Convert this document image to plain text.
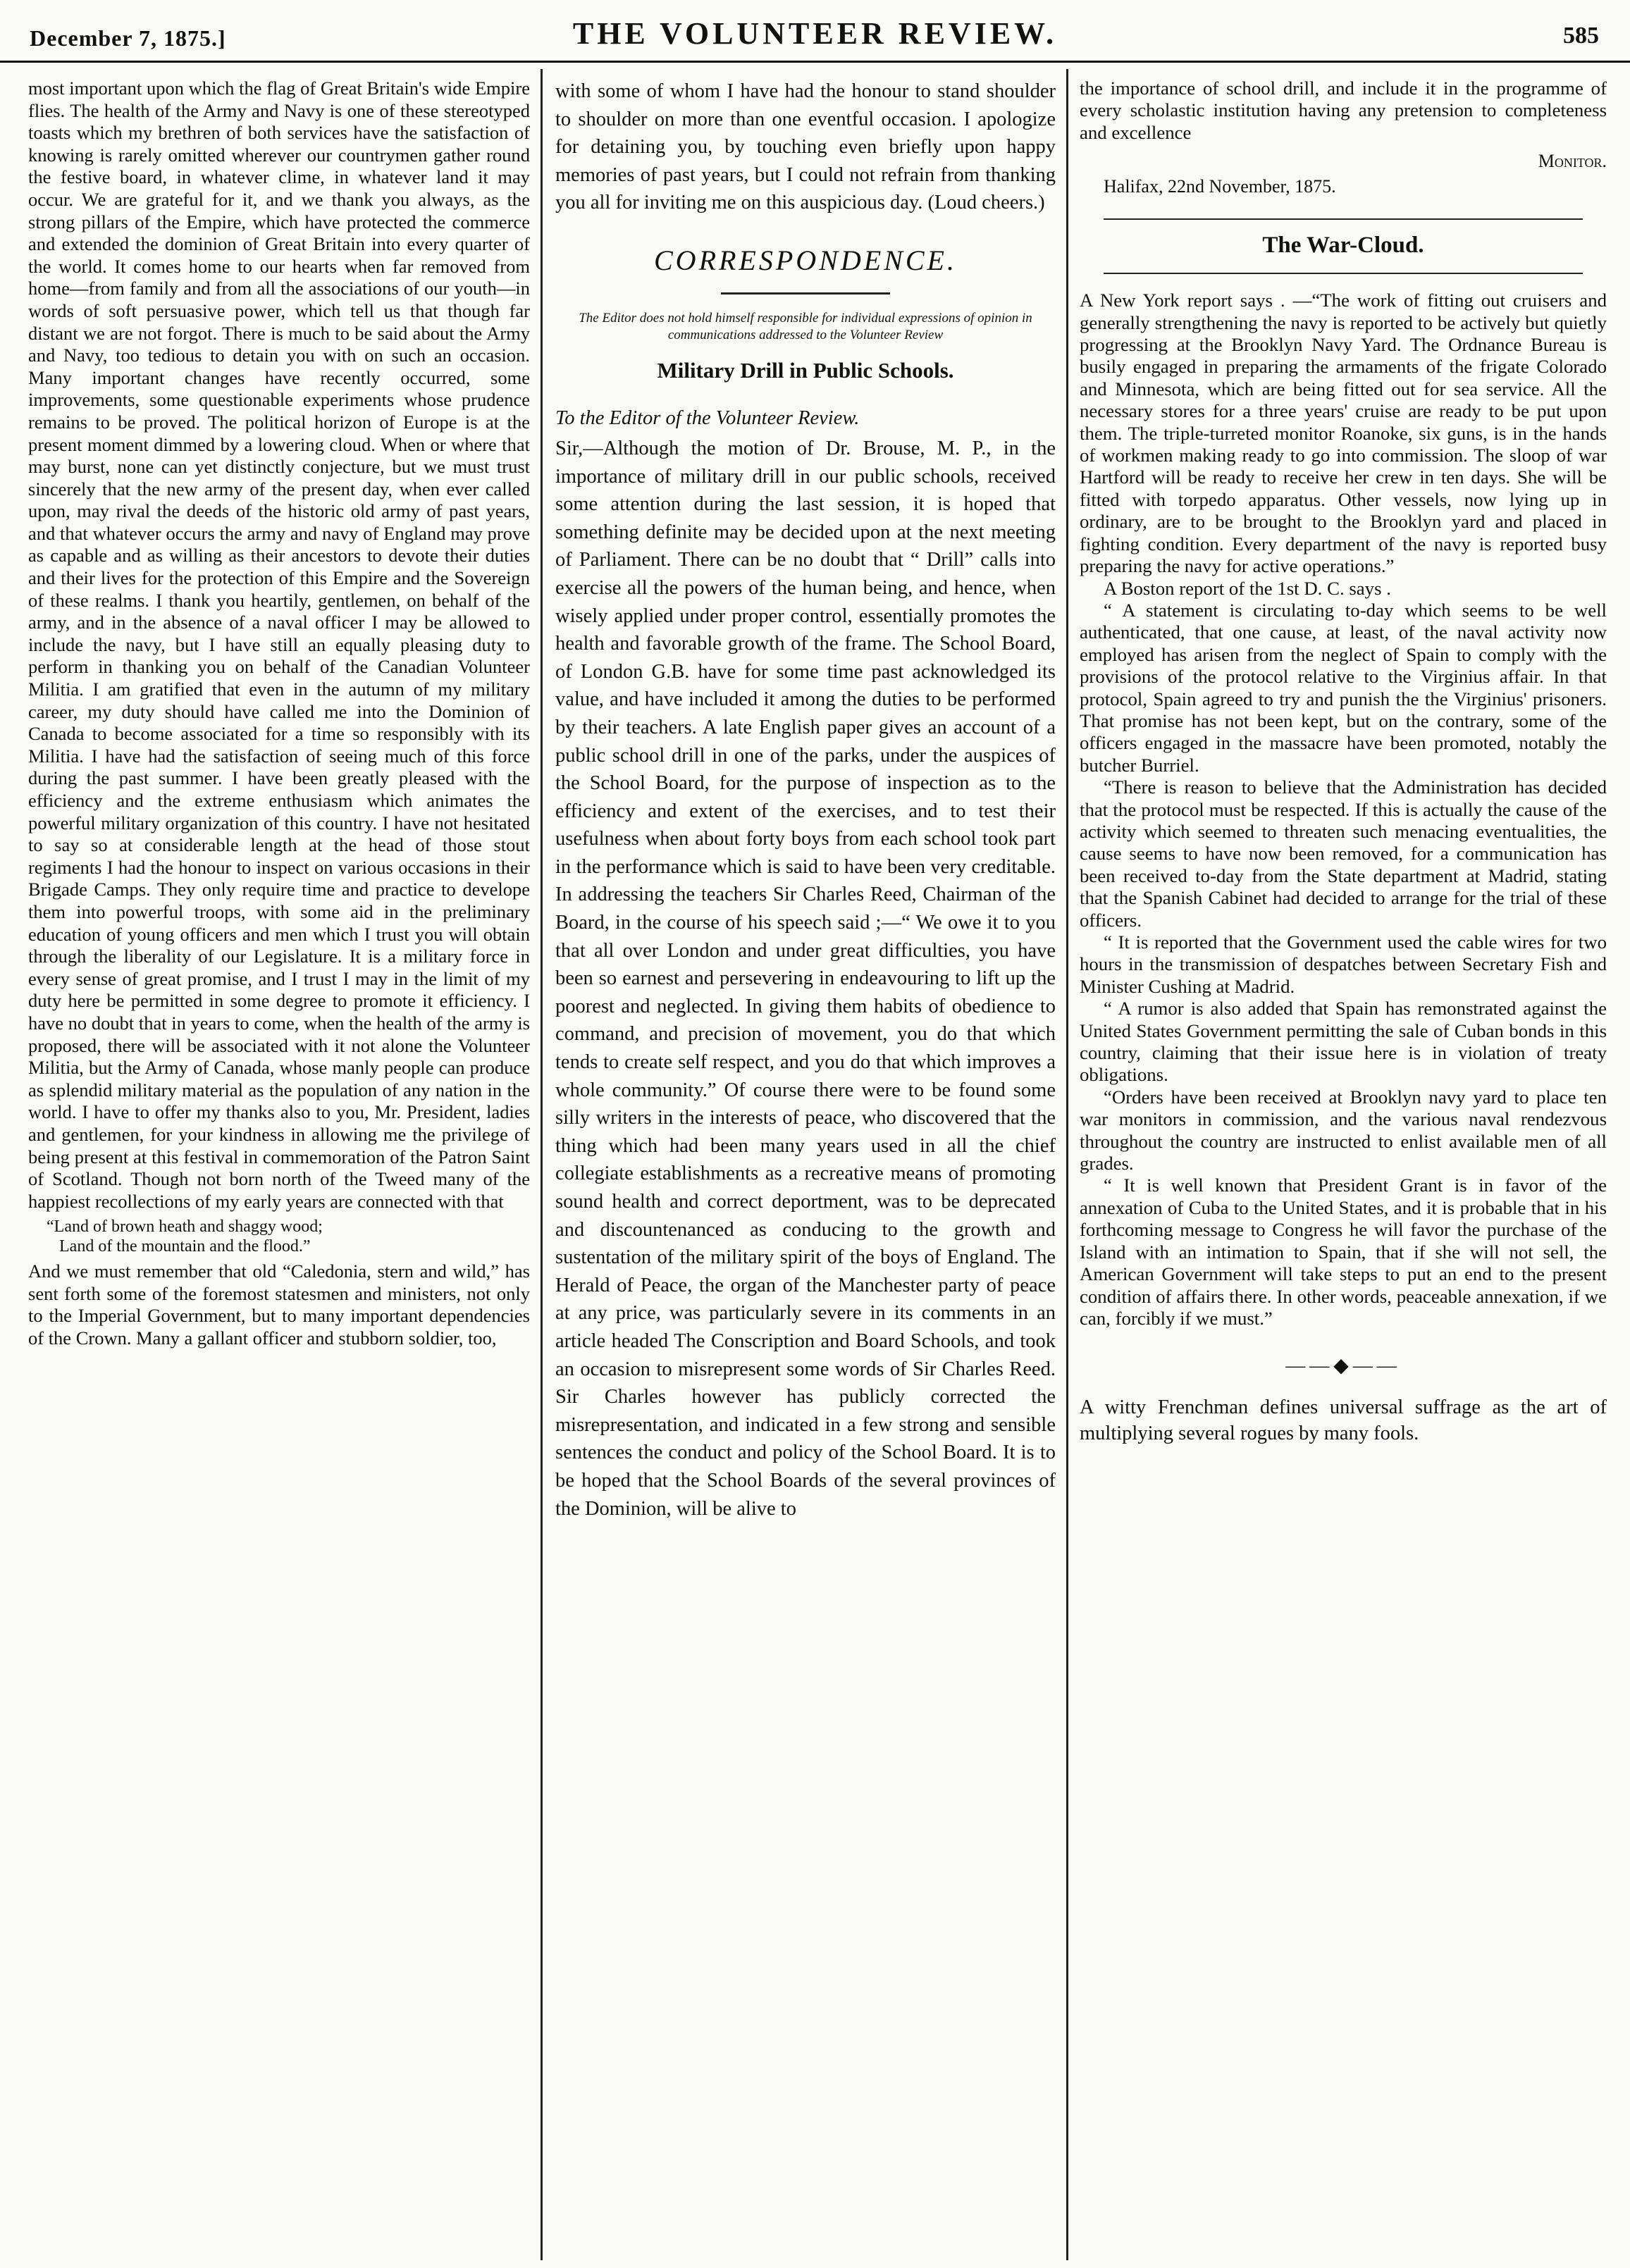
December 7, 1875.]	THE VOLUNTEER REVIEW.	585

most important upon which the flag of Great Britain's wide Empire flies. The health of the Army and Navy is one of these stereotyped toasts which my brethren of both services have the satisfaction of knowing is rarely omitted wherever our countrymen gather round the festive board, in whatever clime, in whatever land it may occur. We are grateful for it, and we thank you always, as the strong pillars of the Empire, which have protected the commerce and extended the dominion of Great Britain into every quarter of the world. It comes home to our hearts when far removed from home—from family and from all the associations of our youth—in words of soft persuasive power, which tell us that though far distant we are not forgot. There is much to be said about the Army and Navy, too tedious to detain you with on such an occasion. Many important changes have recently occurred, some improvements, some questionable experiments whose prudence remains to be proved. The political horizon of Europe is at the present moment dimmed by a lowering cloud. When or where that may burst, none can yet distinctly conjecture, but we must trust sincerely that the new army of the present day, when ever called upon, may rival the deeds of the historic old army of past years, and that whatever occurs the army and navy of England may prove as capable and as willing as their ancestors to devote their duties and their lives for the protection of this Empire and the Sovereign of these realms. I thank you heartily, gentlemen, on behalf of the army, and in the absence of a naval officer I may be allowed to include the navy, but I have still an equally pleasing duty to perform in thanking you on behalf of the Canadian Volunteer Militia. I am gratified that even in the autumn of my military career, my duty should have called me into the Dominion of Canada to become associated for a time so responsibly with its Militia. I have had the satisfaction of seeing much of this force during the past summer. I have been greatly pleased with the efficiency and the extreme enthusiasm which animates the powerful military organization of this country. I have not hesitated to say so at considerable length at the head of those stout regiments I had the honour to inspect on various occasions in their Brigade Camps. They only require time and practice to develope them into powerful troops, with some aid in the preliminary education of young officers and men which I trust you will obtain through the liberality of our Legislature. It is a military force in every sense of great promise, and I trust I may in the limit of my duty here be permitted in some degree to promote it efficiency. I have no doubt that in years to come, when the health of the army is proposed, there will be associated with it not alone the Volunteer Militia, but the Army of Canada, whose manly people can produce as splendid military material as the population of any nation in the world. I have to offer my thanks also to you, Mr. President, ladies and gentlemen, for your kindness in allowing me the privilege of being present at this festival in commemoration of the Patron Saint of Scotland. Though not born north of the Tweed many of the happiest recollections of my early years are connected with that

“Land of brown heath and shaggy wood;
Land of the mountain and the flood.”

And we must remember that old “Caledonia, stern and wild,” has sent forth some of the foremost statesmen and ministers, not only to the Imperial Government, but to many important dependencies of the Crown. Many a gallant officer and stubborn soldier, too,

with some of whom I have had the honour to stand shoulder to shoulder on more than one eventful occasion. I apologize for detaining you, by touching even briefly upon happy memories of past years, but I could not refrain from thanking you all for inviting me on this auspicious day. (Loud cheers.)

CORRESPONDENCE.
The Editor does not hold himself responsible for individual expressions of opinion in communications addressed to the Volunteer Review
Military Drill in Public Schools.
To the Editor of the Volunteer Review.

Sir,—Although the motion of Dr. Brouse, M. P., in the importance of military drill in our public schools, received some attention during the last session, it is hoped that something definite may be decided upon at the next meeting of Parliament. There can be no doubt that “ Drill” calls into exercise all the powers of the human being, and hence, when wisely applied under proper control, essentially promotes the health and favorable growth of the frame. The School Board, of London G.B. have for some time past acknowledged its value, and have included it among the duties to be performed by their teachers. A late English paper gives an account of a public school drill in one of the parks, under the auspices of the School Board, for the purpose of inspection as to the efficiency and extent of the exercises, and to test their usefulness when about forty boys from each school took part in the performance which is said to have been very creditable. In addressing the teachers Sir Charles Reed, Chairman of the Board, in the course of his speech said ;—“ We owe it to you that all over London and under great difficulties, you have been so earnest and persevering in endeavouring to lift up the poorest and neglected. In giving them habits of obedience to command, and precision of movement, you do that which tends to create self respect, and you do that which improves a whole community.” Of course there were to be found some silly writers in the interests of peace, who discovered that the thing which had been many years used in all the chief collegiate establishments as a recreative means of promoting sound health and correct deportment, was to be deprecated and discountenanced as conducing to the growth and sustentation of the military spirit of the boys of England. The Herald of Peace, the organ of the Manchester party of peace at any price, was particularly severe in its comments in an article headed The Conscription and Board Schools, and took an occasion to misrepresent some words of Sir Charles Reed. Sir Charles however has publicly corrected the misrepresentation, and indicated in a few strong and sensible sentences the conduct and policy of the School Board. It is to be hoped that the School Boards of the several provinces of the Dominion, will be alive to

the importance of school drill, and include it in the programme of every scholastic institution having any pretension to completeness and excellence

Monitor.
Halifax, 22nd November, 1875.
The War-Cloud.

A New York report says . —“The work of fitting out cruisers and generally strengthening the navy is reported to be actively but quietly progressing at the Brooklyn Navy Yard. The Ordnance Bureau is busily engaged in preparing the armaments of the frigate Colorado and Minnesota, which are being fitted out for sea service. All the necessary stores for a three years' cruise are ready to be put upon them. The triple-turreted monitor Roanoke, six guns, is in the hands of workmen making ready to go into commission. The sloop of war Hartford will be ready to receive her crew in ten days. She will be fitted with torpedo apparatus. Other vessels, now lying up in ordinary, are to be brought to the Brooklyn yard and placed in fighting condition. Every department of the navy is reported busy preparing the navy for active operations.”

A Boston report of the 1st D. C. says .

“ A statement is circulating to-day which seems to be well authenticated, that one cause, at least, of the naval activity now employed has arisen from the neglect of Spain to comply with the provisions of the protocol relative to the Virginius affair. In that protocol, Spain agreed to try and punish the the Virginius' prisoners. That promise has not been kept, but on the contrary, some of the officers engaged in the massacre have been promoted, notably the butcher Burriel.

“There is reason to believe that the Administration has decided that the protocol must be respected. If this is actually the cause of the activity which seemed to threaten such menacing eventualities, the cause seems to have now been removed, for a communication has been received to-day from the State department at Madrid, stating that the Spanish Cabinet had decided to arrange for the trial of these officers.

“ It is reported that the Government used the cable wires for two hours in the transmission of despatches between Secretary Fish and Minister Cushing at Madrid.

“ A rumor is also added that Spain has remonstrated against the United States Government permitting the sale of Cuban bonds in this country, claiming that their issue here is in violation of treaty obligations.

“Orders have been received at Brooklyn navy yard to place ten war monitors in commission, and the various naval rendezvous throughout the country are instructed to enlist available men of all grades.

“ It is well known that President Grant is in favor of the annexation of Cuba to the United States, and it is probable that in his forthcoming message to Congress he will favor the purchase of the Island with an intimation to Spain, that if she will not sell, the American Government will take steps to put an end to the present condition of affairs there. In other words, peaceable annexation, if we can, forcibly if we must.”

——◆——

A witty Frenchman defines universal suffrage as the art of multiplying several rogues by many fools.
